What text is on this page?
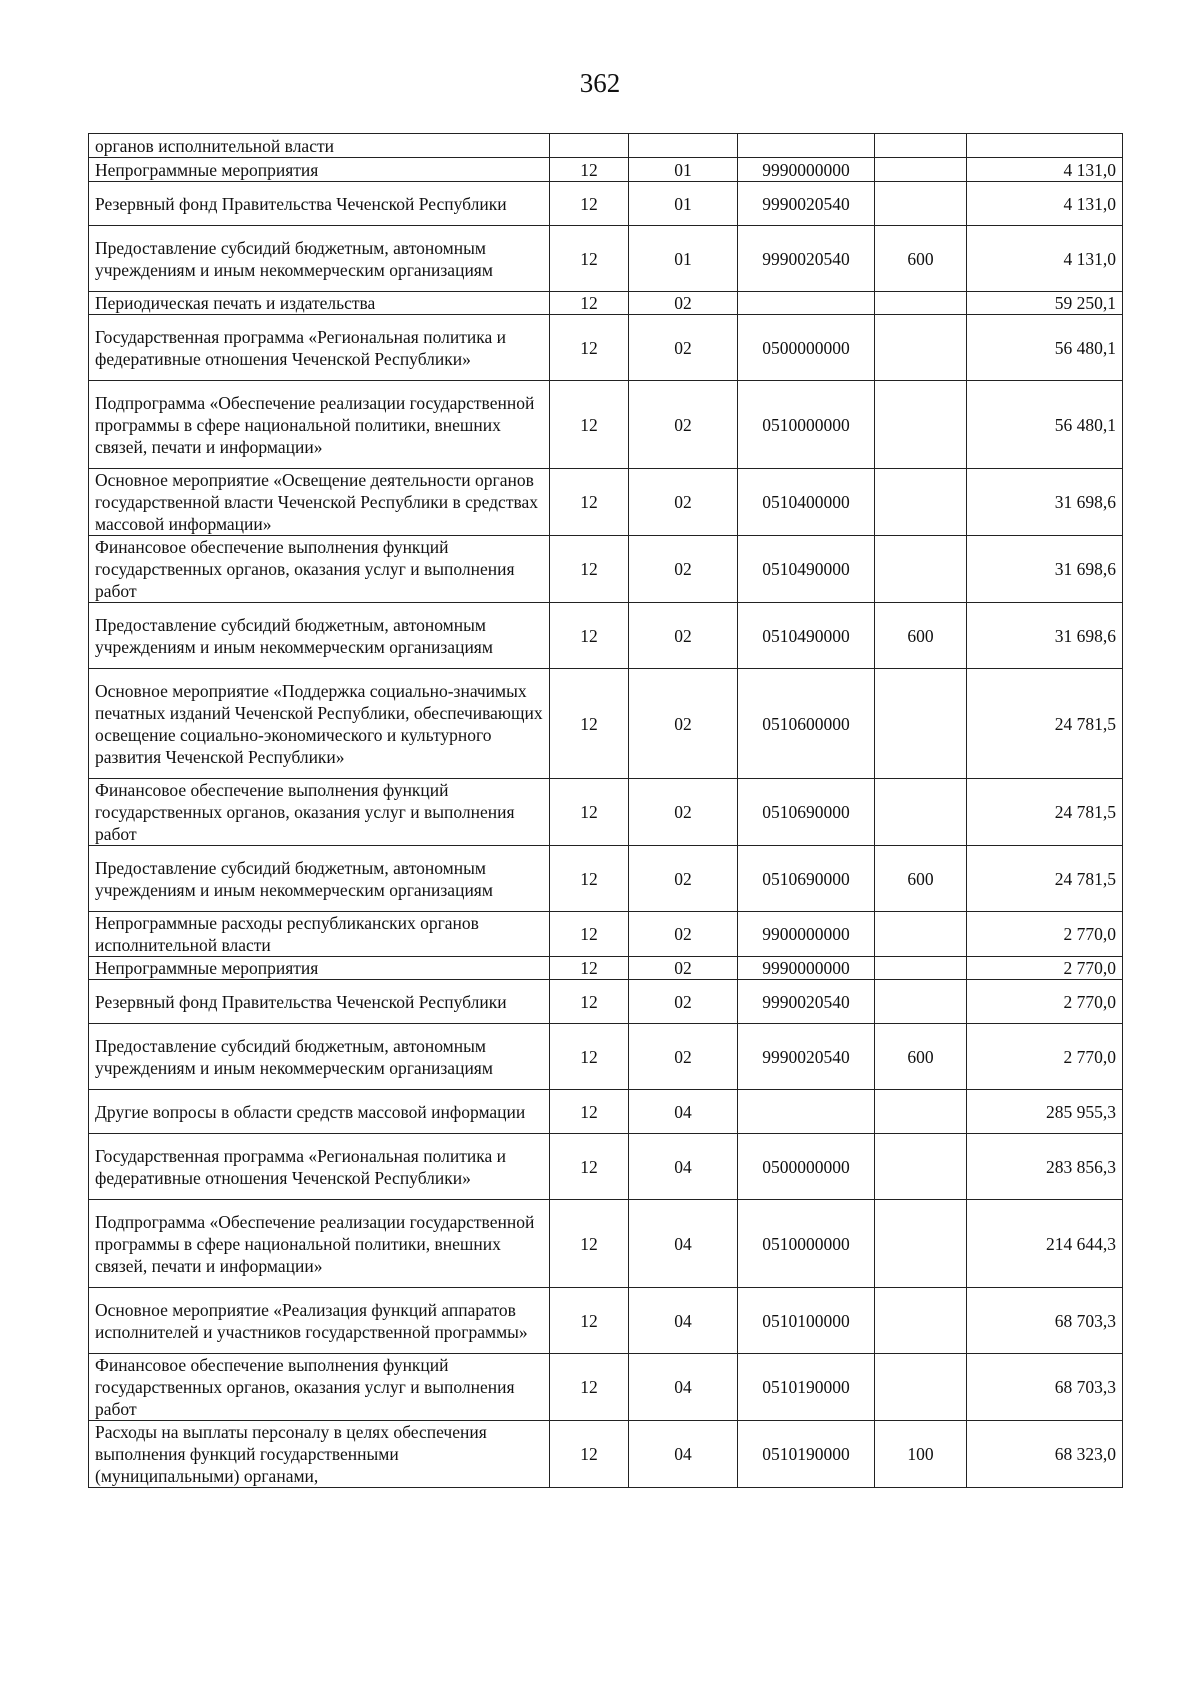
362
органов исполнительной власти					
Непрограммные мероприятия	12	01	9990000000		4 131,0
Резервный фонд Правительства Чеченской Республики	12	01	9990020540		4 131,0
Предоставление субсидий бюджетным, автономным учреждениям и иным некоммерческим организациям	12	01	9990020540	600	4 131,0
Периодическая печать и издательства	12	02			59 250,1
Государственная программа «Региональная политика и федеративные отношения Чеченской Республики»	12	02	0500000000		56 480,1
Подпрограмма «Обеспечение реализации государственной программы в сфере национальной политики, внешних связей, печати и информации»	12	02	0510000000		56 480,1
Основное мероприятие «Освещение деятельности органов государственной власти Чеченской Республики в средствах массовой информации»	12	02	0510400000		31 698,6
Финансовое обеспечение выполнения функций государственных органов, оказания услуг и выполнения работ	12	02	0510490000		31 698,6
Предоставление субсидий бюджетным, автономным учреждениям и иным некоммерческим организациям	12	02	0510490000	600	31 698,6
Основное мероприятие «Поддержка социально-значимых печатных изданий Чеченской Республики, обеспечивающих освещение социально-экономического и культурного развития Чеченской Республики»	12	02	0510600000		24 781,5
Финансовое обеспечение выполнения функций государственных органов, оказания услуг и выполнения работ	12	02	0510690000		24 781,5
Предоставление субсидий бюджетным, автономным учреждениям и иным некоммерческим организациям	12	02	0510690000	600	24 781,5
Непрограммные расходы республиканских органов исполнительной власти	12	02	9900000000		2 770,0
Непрограммные мероприятия	12	02	9990000000		2 770,0
Резервный фонд Правительства Чеченской Республики	12	02	9990020540		2 770,0
Предоставление субсидий бюджетным, автономным учреждениям и иным некоммерческим организациям	12	02	9990020540	600	2 770,0
Другие вопросы в области средств массовой информации	12	04			285 955,3
Государственная программа «Региональная политика и федеративные отношения Чеченской Республики»	12	04	0500000000		283 856,3
Подпрограмма «Обеспечение реализации государственной программы в сфере национальной политики, внешних связей, печати и информации»	12	04	0510000000		214 644,3
Основное мероприятие «Реализация функций аппаратов исполнителей и участников государственной программы»	12	04	0510100000		68 703,3
Финансовое обеспечение выполнения функций государственных органов, оказания услуг и выполнения работ	12	04	0510190000		68 703,3
Расходы на выплаты персоналу в целях обеспечения выполнения функций государственными (муниципальными) органами,	12	04	0510190000	100	68 323,0
